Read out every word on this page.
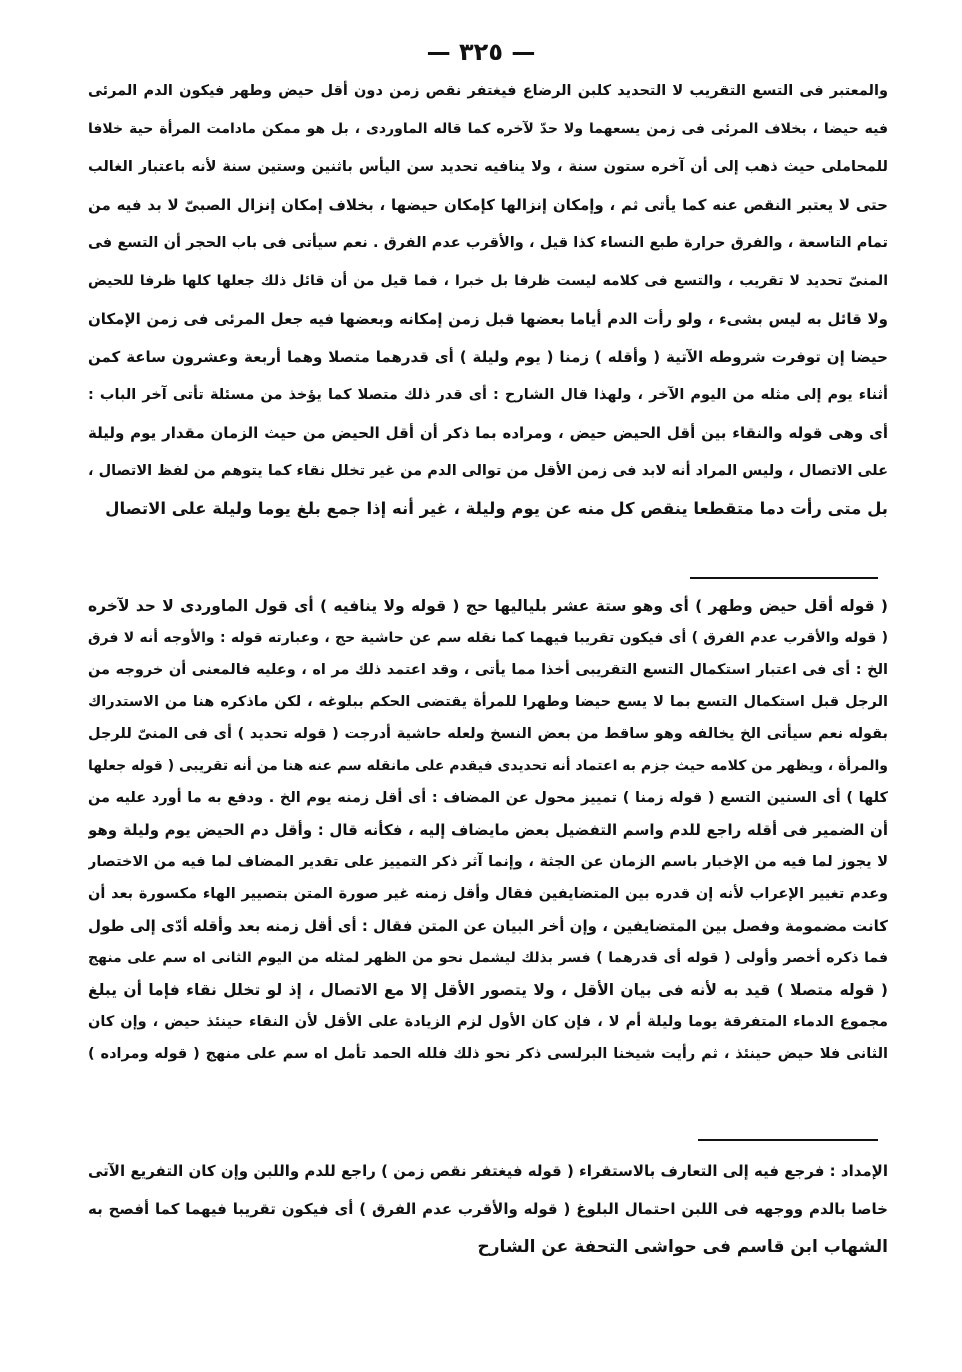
— ٣٢٥ —
والمعتبر فى التسع التقريب لا التحديد كلبن الرضاع فيغتفر نقص زمن دون أقل حيض وطهر فيكون الدم المرئى
فيه حيضا ، بخلاف المرئى فى زمن يسعهما ولا حدّ لآخره كما قاله الماوردى ، بل هو ممكن مادامت المرأة حية خلافا
للمحاملى حيث ذهب إلى أن آخره ستون سنة ، ولا ينافيه تحديد سن اليأس باثنين وستين سنة لأنه باعتبار الغالب
حتى لا يعتبر النقص عنه كما يأتى ثم ، وإمكان إنزالها كإمكان حيضها ، بخلاف إمكان إنزال الصبىّ لا بد فيه من
تمام التاسعة ، والفرق حرارة طبع النساء كذا قيل ، والأقرب عدم الفرق . نعم سيأتى فى باب الحجر أن التسع فى
المنىّ تحديد لا تقريب ، والتسع فى كلامه ليست ظرفا بل خبرا ، فما قيل من أن قائل ذلك جعلها كلها ظرفا للحيض
ولا قائل به ليس بشىء ، ولو رأت الدم أياما بعضها قبل زمن إمكانه وبعضها فيه جعل المرئى فى زمن الإمكان
حيضا إن توفرت شروطه الآتية ( وأقله ) زمنا ( يوم وليلة ) أى قدرهما متصلا وهما أربعة وعشرون ساعة كمن
أثناء يوم إلى مثله من اليوم الآخر ، ولهذا قال الشارح : أى قدر ذلك متصلا كما يؤخذ من مسئلة تأتى آخر الباب :
أى وهى قوله والنقاء بين أقل الحيض حيض ، ومراده بما ذكر أن أقل الحيض من حيث الزمان مقدار يوم وليلة
على الاتصال ، وليس المراد أنه لابد فى زمن الأقل من توالى الدم من غير تخلل نقاء كما يتوهم من لفظ الاتصال ،
بل متى رأت دما متقطعا ينقص كل منه عن يوم وليلة ، غير أنه إذا جمع بلغ يوما وليلة على الاتصال
( قوله أقل حيض وطهر ) أى وهو ستة عشر بلياليها حج ( قوله ولا ينافيه ) أى قول الماوردى لا حد لآخره
( قوله والأقرب عدم الفرق ) أى فيكون تقريبا فيهما كما نقله سم عن حاشية حج ، وعبارته قوله : والأوجه أنه لا فرق
الخ : أى فى اعتبار استكمال التسع التقريبى أخذا مما يأتى ، وقد اعتمد ذلك مر اه ، وعليه فالمعنى أن خروجه من
الرجل قبل استكمال التسع بما لا يسع حيضا وطهرا للمرأة يقتضى الحكم ببلوغه ، لكن ماذكره هنا من الاستدراك
بقوله نعم سيأتى الخ يخالفه وهو ساقط من بعض النسخ ولعله حاشية أدرجت ( قوله تحديد ) أى فى المنىّ للرجل
والمرأة ، ويظهر من كلامه حيث جزم به اعتماد أنه تحديدى فيقدم على مانقله سم عنه هنا من أنه تقريبى ( قوله جعلها
كلها ) أى السنين التسع ( قوله زمنا ) تمييز محول عن المضاف : أى أقل زمنه يوم الخ . ودفع به ما أورد عليه من
أن الضمير فى أقله راجع للدم واسم التفضيل بعض مايضاف إليه ، فكأنه قال : وأقل دم الحيض يوم وليلة وهو
لا يجوز لما فيه من الإخبار باسم الزمان عن الجثة ، وإنما آثر ذكر التمييز على تقدير المضاف لما فيه من الاختصار
وعدم تغيير الإعراب لأنه إن قدره بين المتضايفين فقال وأقل زمنه غير صورة المتن بتصيير الهاء مكسورة بعد أن
كانت مضمومة وفصل بين المتضايفين ، وإن أخر البيان عن المتن فقال : أى أقل زمنه بعد وأقله أدّى إلى طول
فما ذكره أخصر وأولى ( قوله أى قدرهما ) فسر بذلك ليشمل نحو من الظهر لمثله من اليوم الثانى اه سم على منهج
( قوله متصلا ) قيد به لأنه فى بيان الأقل ، ولا يتصور الأقل إلا مع الاتصال ، إذ لو تخلل نقاء فإما أن يبلغ
مجموع الدماء المتفرقة يوما وليلة أم لا ، فإن كان الأول لزم الزيادة على الأقل لأن النقاء حينئذ حيض ، وإن كان
الثانى فلا حيض حينئذ ، ثم رأيت شيخنا البرلسى ذكر نحو ذلك فلله الحمد تأمل اه سم على منهج ( قوله ومراده )
الإمداد : فرجع فيه إلى التعارف بالاستقراء ( قوله فيغتفر نقص زمن ) راجع للدم واللبن وإن كان التفريع الآتى
خاصا بالدم ووجهه فى اللبن احتمال البلوغ ( قوله والأقرب عدم الفرق ) أى فيكون تقريبا فيهما كما أفصح به
الشهاب ابن قاسم فى حواشى التحفة عن الشارح
